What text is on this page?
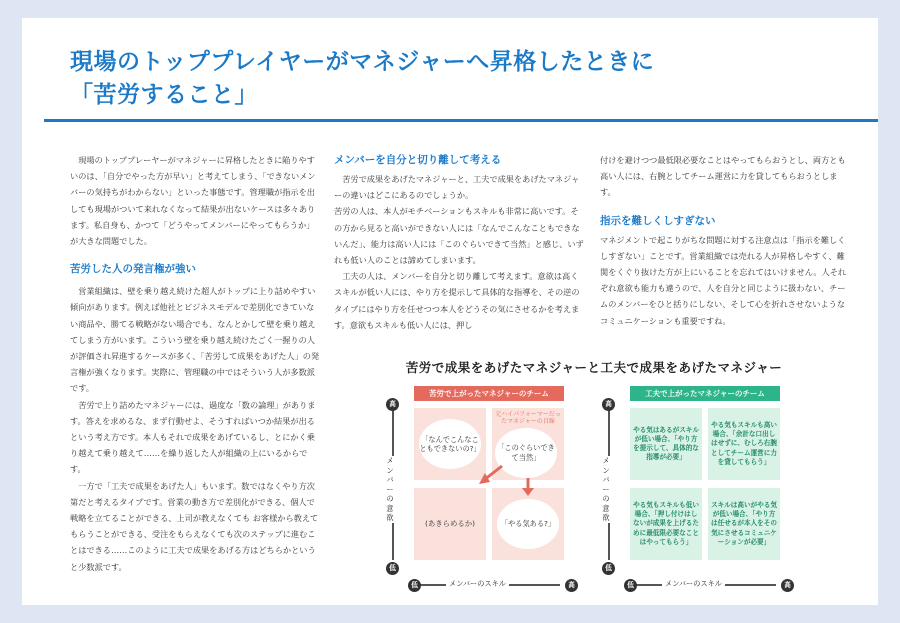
現場のトッププレイヤーがマネジャーへ昇格したときに
「苦労すること」

現場のトッププレーヤーがマネジャーに昇格したときに陥りやすいのは、「自分でやった方が早い」と考えてしまう、「できないメンバーの気持ちがわからない」といった事態です。管理職が指示を出しても現場がついて来れなくなって結果が出ないケースは多々あります。私自身も、かつて「どうやってメンバーにやってもらうか」が大きな問題でした。

苦労した人の発言権が強い

営業組織は、壁を乗り越え続けた超人がトップに上り詰めやすい傾向があります。例えば他社とビジネスモデルで差別化できていない商品や、勝てる戦略がない場合でも、なんとかして壁を乗り越えてしまう方がいます。こういう壁を乗り越え続けたごく一握りの人が評価され昇進するケースが多く、「苦労して成果をあげた人」の発言権が強くなります。実際に、管理職の中ではそういう人が多数派です。

苦労で上り詰めたマネジャーには、過度な「数の論理」があります。答えを求めるな、まず行動せよ、そうすればいつか結果が出るという考え方です。本人もそれで成果をあげているし、とにかく乗り越えて乗り越えて……を繰り返した人が組織の上にいるからです。

一方で「工夫で成果をあげた人」もいます。数ではなくやり方次第だと考えるタイプです。営業の動き方で差別化ができる、個人で戦略を立てることができる、上司が教えなくても お客様から教えてもらうことができる、受注をもらえなくても次のステップに進むことはできる……このように工夫で成果をあげる方はどちらかというと少数派です。

メンバーを自分と切り離して考える

苦労で成果をあげたマネジャーと、工夫で成果をあげたマネジャーの違いはどこにあるのでしょうか。

苦労の人は、本人がモチベーションもスキルも非常に高いです。その方から見ると高いができない人には「なんでこんなこともできないんだ」、能力は高い人には「このぐらいできて当然」と感じ、いずれも低い人のことは諦めてしまいます。

工夫の人は、メンバーを自分と切り離して考えます。意欲は高くスキルが低い人には、やり方を提示して具体的な指導を、その逆のタイプにはやり方を任せつつ本人をどうその気にさせるかを考えます。意欲もスキルも低い人には、押し

付けを避けつつ最低限必要なことはやってもらおうとし、両方とも高い人には、右腕としてチーム運営に力を貸してもらおうとします。

指示を難しくしすぎない

マネジメントで起こりがちな問題に対する注意点は「指示を難しくしすぎない」ことです。営業組織では売れる人が昇格しやすく、難関をくぐり抜けた方が上にいることを忘れてはいけません。人それぞれ意欲も能力も違うので、人を自分と同じように扱わない、チームのメンバーをひと括りにしない、そして心を折れさせないようなコミュニケーションも重要ですね。

苦労で成果をあげたマネジャーと工夫で成果をあげたマネジャー
苦労で上がったマネジャーのチーム
「なんでこんなこともできないの?」
元ハイパフォーマーだったマネジャーの目線
「このぐらいできて当然」
(あきらめるか)	「やる気ある?」
メンバーの意欲
高
低
メンバーのスキル
低	高
工夫で上がったマネジャーのチーム
やる気はあるがスキルが低い場合、「やり方を提示して、具体的な指導が必要」
やる気もスキルも高い場合、「余計な口出しはせずに、むしろ右腕としてチーム運営に力を貸してもらう」
やる気もスキルも低い場合、「押し付けはしないが成果を上げるために最低限必要なことはやってもらう」
スキルは高いがやる気が低い場合、「やり方は任せるが本人をその気にさせるコミュニケーションが必要」
メンバーの意欲
高
低
メンバーのスキル
低	高
